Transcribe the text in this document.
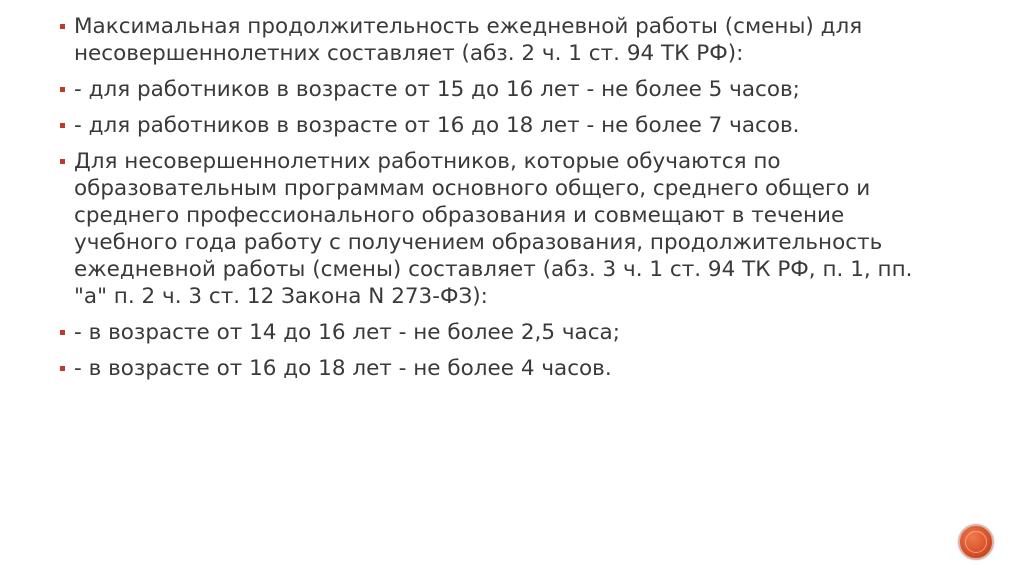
Максимальная продолжительность ежедневной работы (смены) для несовершеннолетних составляет (абз. 2 ч. 1 ст. 94 ТК РФ):
- для работников в возрасте от 15 до 16 лет - не более 5 часов;
- для работников в возрасте от 16 до 18 лет - не более 7 часов.
Для несовершеннолетних работников, которые обучаются по образовательным программам основного общего, среднего общего и среднего профессионального образования и совмещают в течение учебного года работу с получением образования, продолжительность ежедневной работы (смены) составляет (абз. 3 ч. 1 ст. 94 ТК РФ, п. 1, пп. "а" п. 2 ч. 3 ст. 12 Закона N 273-ФЗ):
- в возрасте от 14 до 16 лет - не более 2,5 часа;
- в возрасте от 16 до 18 лет - не более 4 часов.
